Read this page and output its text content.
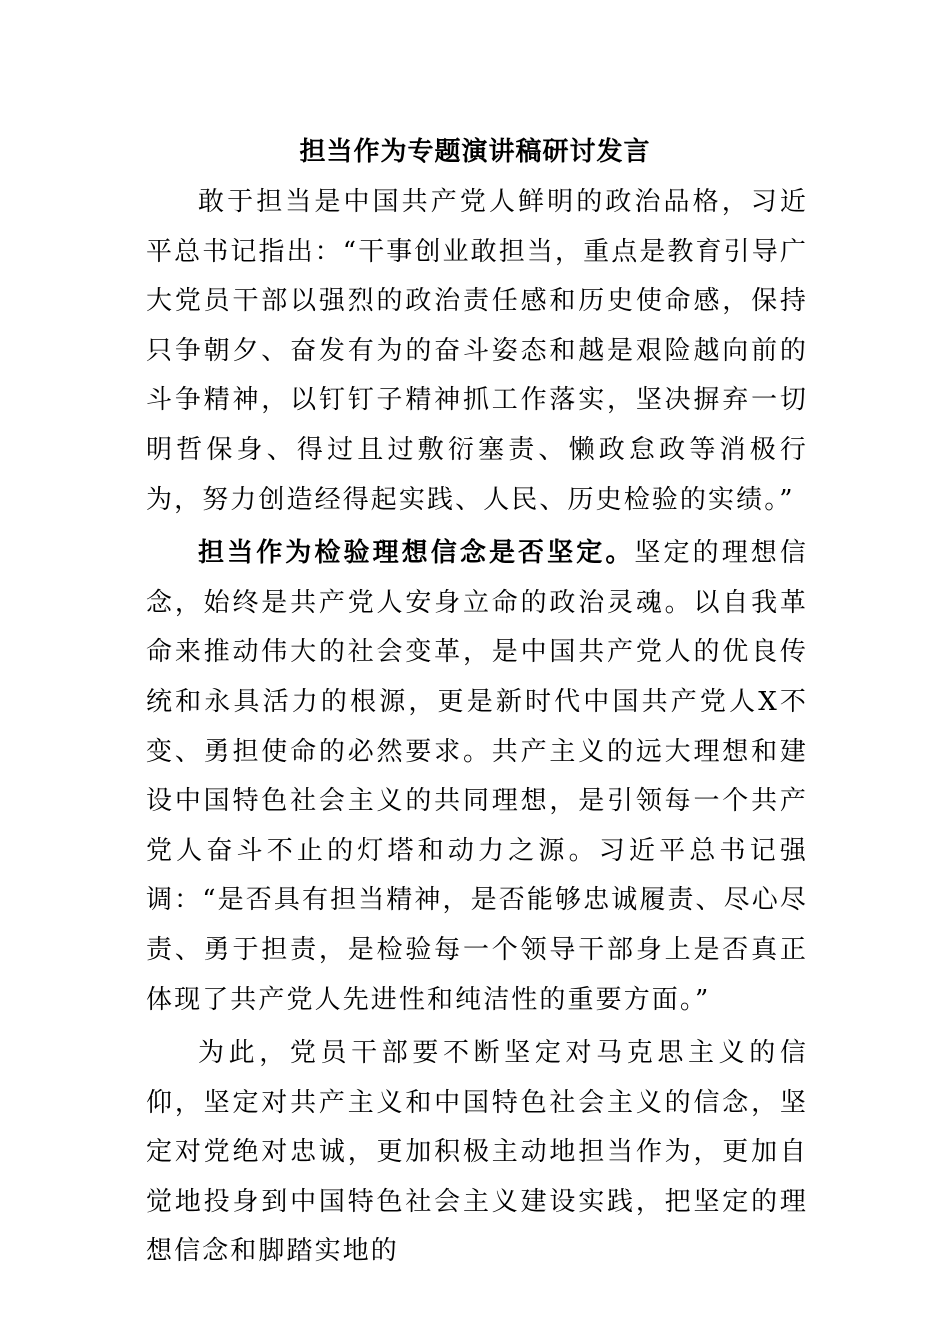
担当作为专题演讲稿研讨发言

敢于担当是中国共产党人鲜明的政治品格，习近平总书记指出：“干事创业敢担当，重点是教育引导广大党员干部以强烈的政治责任感和历史使命感，保持只争朝夕、奋发有为的奋斗姿态和越是艰险越向前的斗争精神，以钉钉子精神抓工作落实，坚决摒弃一切明哲保身、得过且过敷衍塞责、懒政怠政等消极行为，努力创造经得起实践、人民、历史检验的实绩。”

担当作为检验理想信念是否坚定。坚定的理想信念，始终是共产党人安身立命的政治灵魂。以自我革命来推动伟大的社会变革，是中国共产党人的优良传统和永具活力的根源，更是新时代中国共产党人X不变、勇担使命的必然要求。共产主义的远大理想和建设中国特色社会主义的共同理想，是引领每一个共产党人奋斗不止的灯塔和动力之源。习近平总书记强调：“是否具有担当精神，是否能够忠诚履责、尽心尽责、勇于担责，是检验每一个领导干部身上是否真正体现了共产党人先进性和纯洁性的重要方面。”

为此，党员干部要不断坚定对马克思主义的信仰，坚定对共产主义和中国特色社会主义的信念，坚定对党绝对忠诚，更加积极主动地担当作为，更加自觉地投身到中国特色社会主义建设实践，把坚定的理想信念和脚踏实地的
